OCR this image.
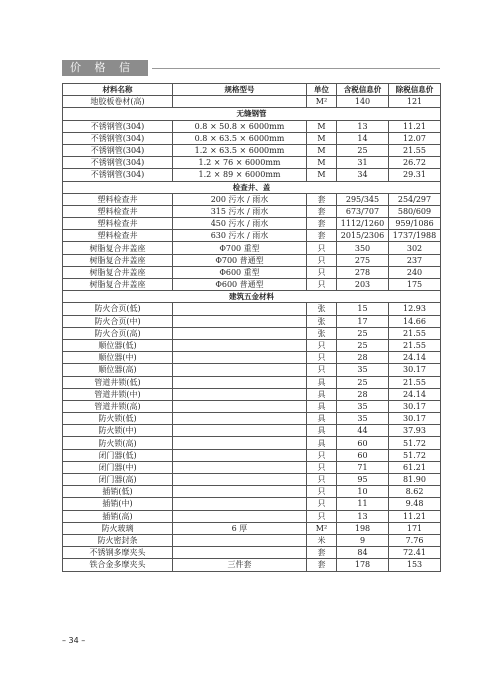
价 格 信 息	材料名称	规格型号	单位	含税信息价	除税信息价
地胶板卷材(高)		M²	140	121
无缝钢管				
不锈钢管(304)	0.8 × 50.8 × 6000mm	M	13	11.21
不锈钢管(304)	0.8 × 63.5 × 6000mm	M	14	12.07
不锈钢管(304)	1.2 × 63.5 × 6000mm	M	25	21.55
不锈钢管(304)	1.2 × 76 × 6000mm	M	31	26.72
不锈钢管(304)	1.2 × 89 × 6000mm	M	34	29.31
检查井、盖				
塑料检查井	200 污水 / 雨水	套	295/345	254/297
塑料检查井	315 污水 / 雨水	套	673/707	580/609
塑料检查井	450 污水 / 雨水	套	1112/1260	959/1086
塑料检查井	630 污水 / 雨水	套	2015/2306	1737/1988
树脂复合井盖座	Φ700 重型	只	350	302
树脂复合井盖座	Φ700 普通型	只	275	237
树脂复合井盖座	Φ600 重型	只	278	240
树脂复合井盖座	Φ600 普通型	只	203	175
建筑五金材料				
防火合页(低)		张	15	12.93
防火合页(中)		张	17	14.66
防火合页(高)		张	25	21.55
顺位器(低)		只	25	21.55
顺位器(中)		只	28	24.14
顺位器(高)		只	35	30.17
管道井锁(低)		具	25	21.55
管道井锁(中)		具	28	24.14
管道井锁(高)		具	35	30.17
防火锁(低)		具	35	30.17
防火锁(中)		具	44	37.93
防火锁(高)		具	60	51.72
闭门器(低)		只	60	51.72
闭门器(中)		只	71	61.21
闭门器(高)		只	95	81.90
插销(低)		只	10	8.62
插销(中)		只	11	9.48
插销(高)		只	13	11.21
防火玻璃	6 厚	M²	198	171
防火密封条		米	9	7.76
不锈钢多摩夹头		套	84	72.41
铁合金多摩夹头	三件套	套	178	153
– 34 –
